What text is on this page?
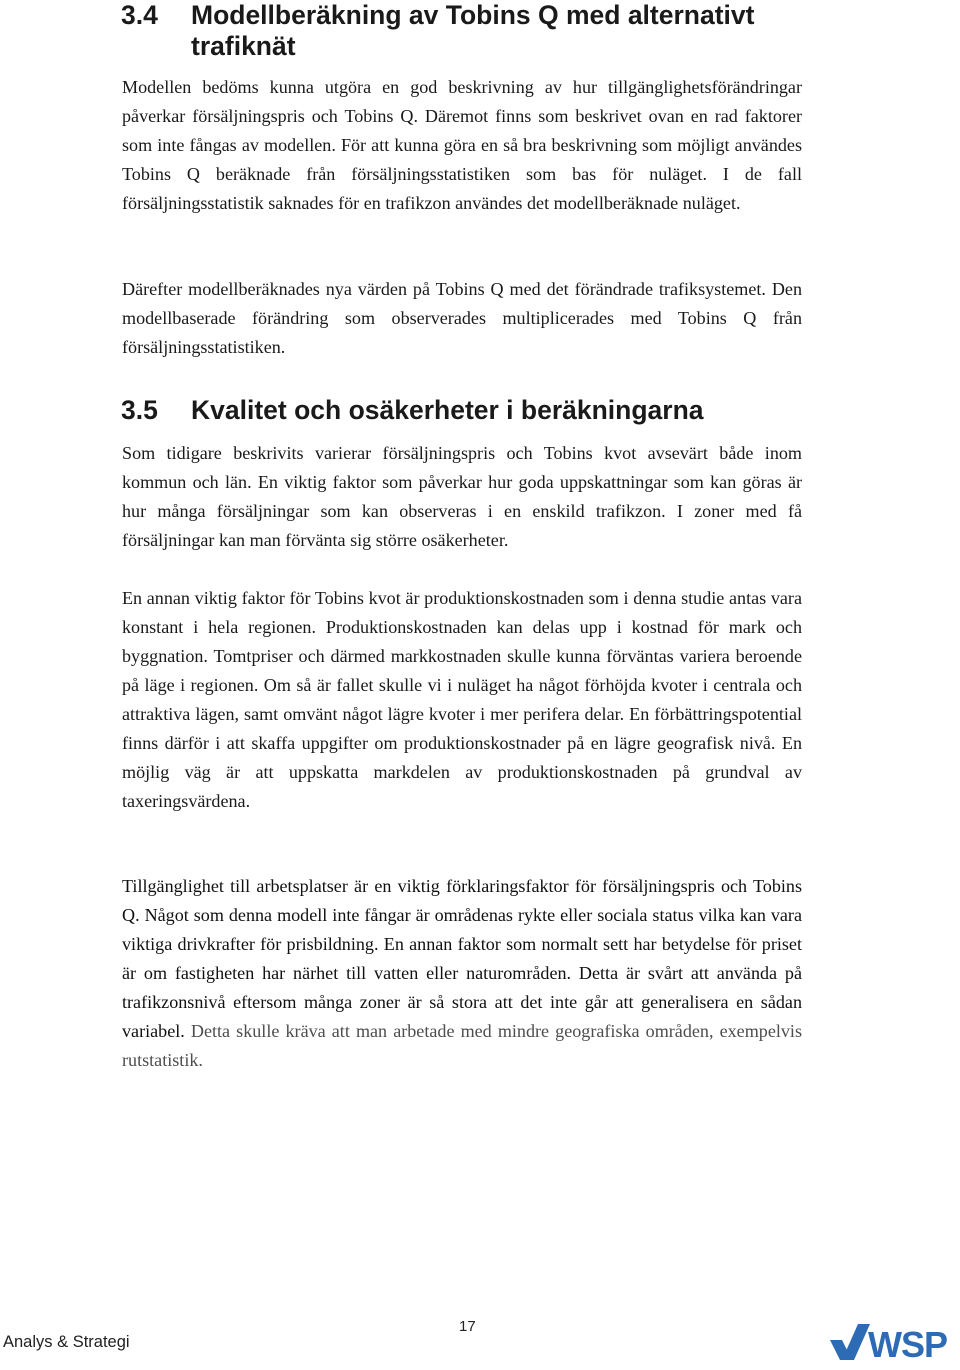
3.4 Modellberäkning av Tobins Q med alternativt trafiknät

Modellen bedöms kunna utgöra en god beskrivning av hur tillgänglighetsförändringar påverkar försäljningspris och Tobins Q. Däremot finns som beskrivet ovan en rad faktorer som inte fångas av modellen. För att kunna göra en så bra beskrivning som möjligt användes Tobins Q beräknade från försäljningsstatistiken som bas för nuläget. I de fall försäljningsstatistik saknades för en trafikzon användes det modellberäknade nuläget.

Därefter modellberäknades nya värden på Tobins Q med det förändrade trafiksystemet. Den modellbaserade förändring som observerades multiplicerades med Tobins Q från försäljningsstatistiken.

3.5 Kvalitet och osäkerheter i beräkningarna

Som tidigare beskrivits varierar försäljningspris och Tobins kvot avsevärt både inom kommun och län. En viktig faktor som påverkar hur goda uppskattningar som kan göras är hur många försäljningar som kan observeras i en enskild trafikzon. I zoner med få försäljningar kan man förvänta sig större osäkerheter.

En annan viktig faktor för Tobins kvot är produktionskostnaden som i denna studie antas vara konstant i hela regionen. Produktionskostnaden kan delas upp i kostnad för mark och byggnation. Tomtpriser och därmed markkostnaden skulle kunna förväntas variera beroende på läge i regionen. Om så är fallet skulle vi i nuläget ha något förhöjda kvoter i centrala och attraktiva lägen, samt omvänt något lägre kvoter i mer perifera delar. En förbättringspotential finns därför i att skaffa uppgifter om produktionskostnader på en lägre geografisk nivå. En möjlig väg är att uppskatta markdelen av produktionskostnaden på grundval av taxeringsvärdena.

Tillgänglighet till arbetsplatser är en viktig förklaringsfaktor för försäljningspris och Tobins Q. Något som denna modell inte fångar är områdenas rykte eller sociala status vilka kan vara viktiga drivkrafter för prisbildning. En annan faktor som normalt sett har betydelse för priset är om fastigheten har närhet till vatten eller naturområden. Detta är svårt att använda på trafikzonsnivå eftersom många zoner är så stora att det inte går att generalisera en sådan variabel. Detta skulle kräva att man arbetade med mindre geografiska områden, exempelvis rutstatistik.

Analys & Strategi
17	WSP
